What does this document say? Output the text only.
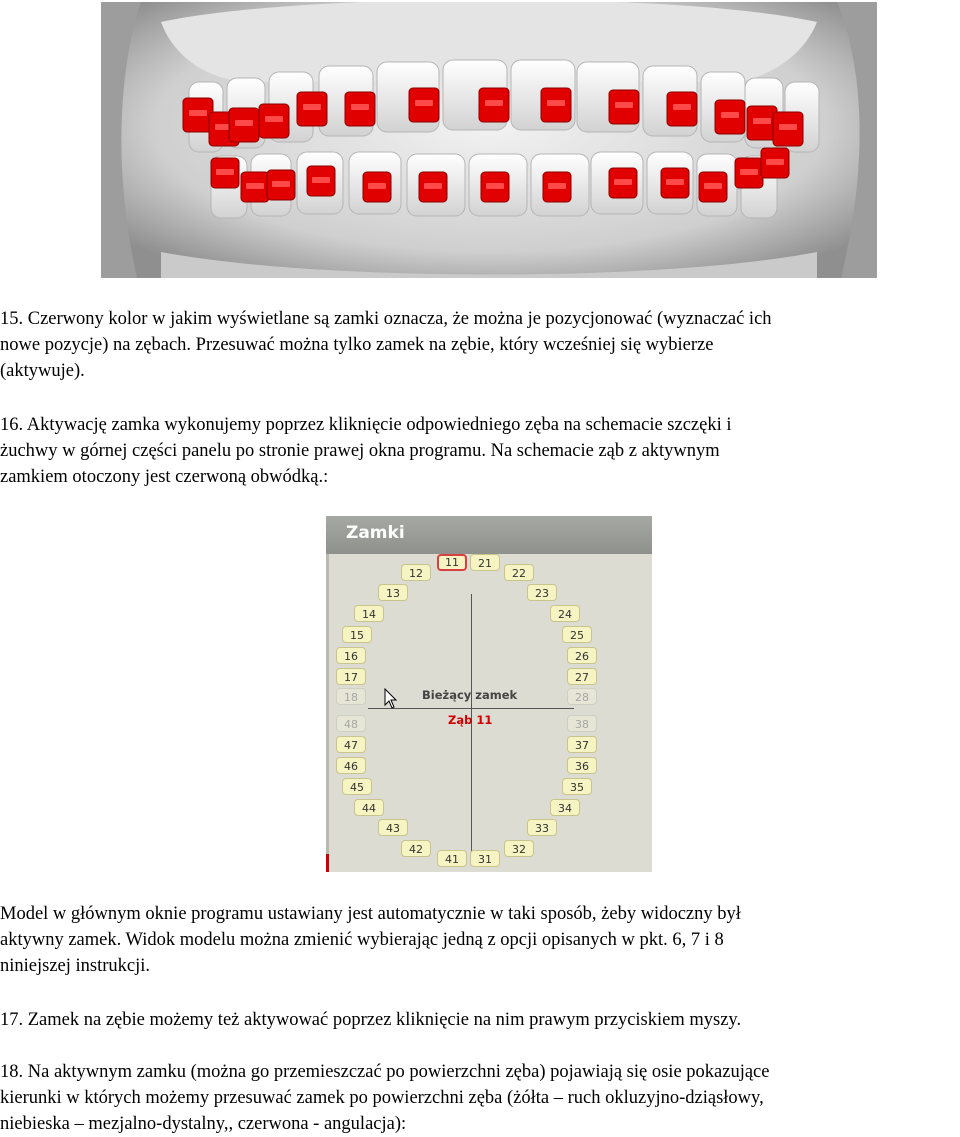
15. Czerwony kolor w jakim wyświetlane są zamki oznacza, że można je pozycjonować (wyznaczać ich

nowe pozycje) na zębach. Przesuwać można tylko zamek na zębie, który wcześniej się wybierze

(aktywuje).

16. Aktywację zamka wykonujemy poprzez kliknięcie odpowiedniego zęba na schemacie szczęki i

żuchwy w górnej części panelu po stronie prawej okna programu. Na schemacie ząb z aktywnym

zamkiem otoczony jest czerwoną obwódką.:

Zamki
Bieżący zamek
Ząb 11
11	21
12	22
13	23
14	24
15	25
16	26
17	27
18	28
48	38
47	37
46	36
45	35
44	34
43	33
42	32
41	31

Model w głównym oknie programu ustawiany jest automatycznie w taki sposób, żeby widoczny był

aktywny zamek. Widok modelu można zmienić wybierając jedną z opcji opisanych w pkt. 6, 7 i 8

niniejszej instrukcji.

17. Zamek na zębie możemy też aktywować poprzez kliknięcie na nim prawym przyciskiem myszy.

18. Na aktywnym zamku (można go przemieszczać po powierzchni zęba) pojawiają się osie pokazujące

kierunki w których możemy przesuwać zamek po powierzchni zęba (żółta – ruch okluzyjno-dziąsłowy,

niebieska – mezjalno-dystalny,, czerwona - angulacja):
